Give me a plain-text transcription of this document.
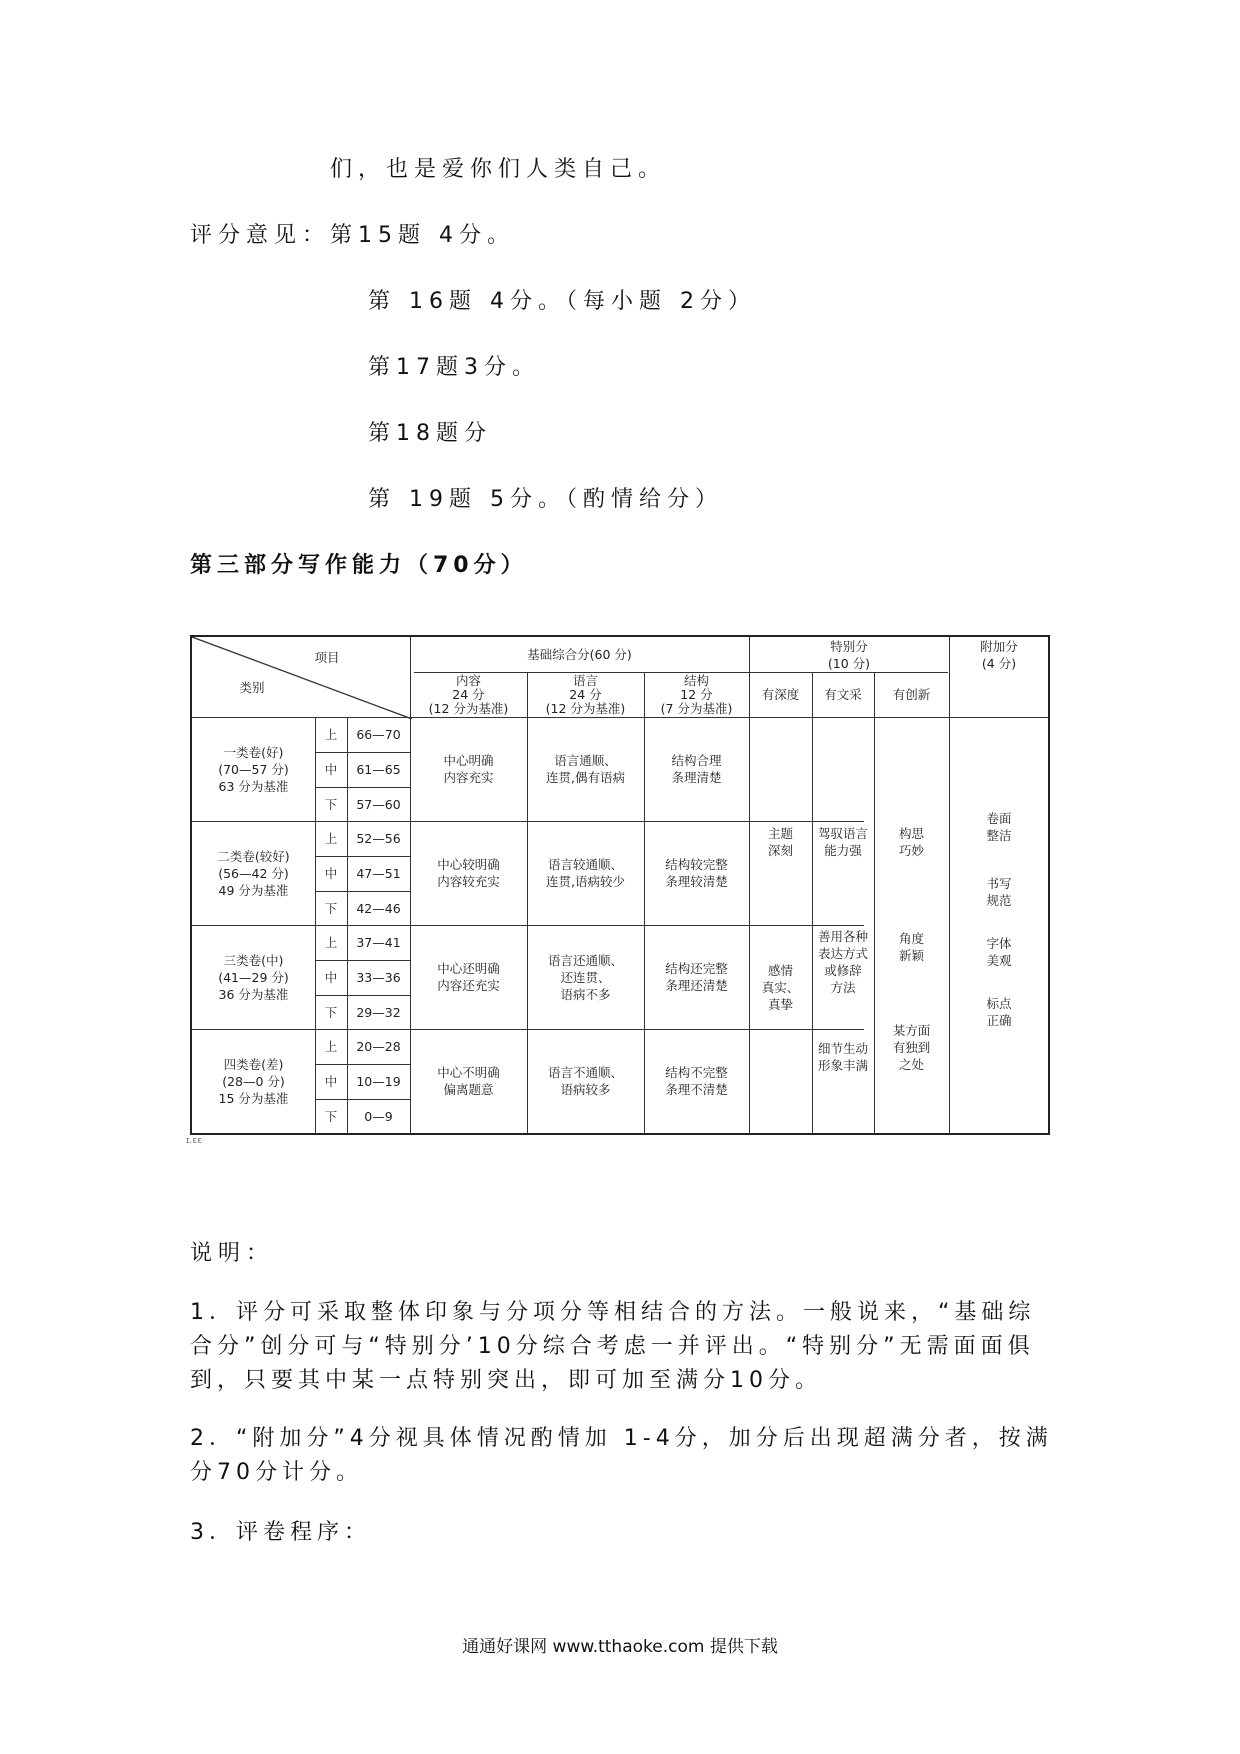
们，也是爱你们人类自己。
评分意见：第15题 4分。
第 16题 4分。（每小题 2分）
第17题3分。
第18题分
第 19题 5分。（酌情给分）
第三部分写作能力（70分）
项目
类别
基础综合分(60 分)
特别分
(10 分)
附加分
(4 分)
内容
24 分
(12 分为基准)
语言
24 分
(12 分为基准)
结构
12 分
(7 分为基准)
有深度	有文采	有创新
一类卷(好)
(70—57 分)
63 分为基准
上
中
下
66—70
61—65
57—60
中心明确
内容充实
语言通顺、
连贯,偶有语病
结构合理
条理清楚
二类卷(较好)
(56—42 分)
49 分为基准
上
中
下
52—56
47—51
42—46
中心较明确
内容较充实
语言较通顺、
连贯,语病较少
结构较完整
条理较清楚
三类卷(中)
(41—29 分)
36 分为基准
上
中
下
37—41
33—36
29—32
中心还明确
内容还充实
语言还通顺、
还连贯、
语病不多
结构还完整
条理还清楚
四类卷(差)
(28—0 分)
15 分为基准
上
中
下
20—28
10—19
0—9
中心不明确
偏离题意
语言不通顺、
语病较多
结构不完整
条理不清楚
主题
深刻
感情
真实、
真挚
驾驭语言
能力强
善用各种
表达方式
或修辞
方法
细节生动
形象丰满
构思
巧妙
角度
新颖
某方面
有独到
之处
卷面
整洁
书写
规范
字体
美观
标点
正确
ɪ.ɛɛ
说明：
1．评分可采取整体印象与分项分等相结合的方法。一般说来，“基础综合分”创分可与“特别分’10分综合考虑一并评出。“特别分”无需面面俱到，只要其中某一点特别突出，即可加至满分10分。
2．“附加分”4分视具体情况酌情加 1-4分，加分后出现超满分者，按满分70分计分。
3．评卷程序：
通通好课网 www.tthaoke.com 提供下载
